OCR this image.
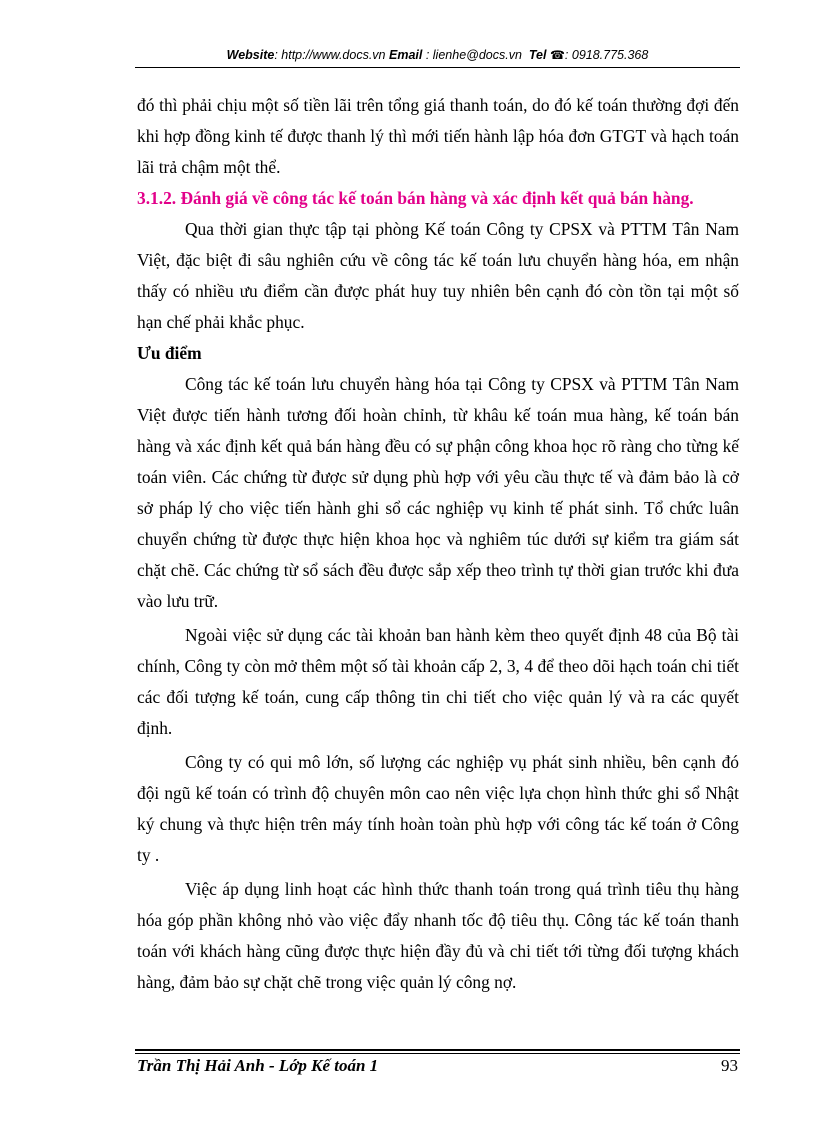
Website: http://www.docs.vn Email : lienhe@docs.vn Tel ☎: 0918.775.368

đó thì phải chịu một số tiền lãi trên tổng giá thanh toán, do đó kế toán thường đợi đến khi hợp đồng kinh tế được thanh lý thì mới tiến hành lập hóa đơn GTGT và hạch toán lãi trả chậm một thể.

3.1.2. Đánh giá về công tác kế toán bán hàng và xác định kết quả bán hàng.

Qua thời gian thực tập tại phòng Kế toán Công ty CPSX và PTTM Tân Nam Việt, đặc biệt đi sâu nghiên cứu về công tác kế toán lưu chuyển hàng hóa, em nhận thấy có nhiều ưu điểm cần được phát huy tuy nhiên bên cạnh đó còn tồn tại một số hạn chế phải khắc phục.

Ưu điểm

Công tác kế toán lưu chuyển hàng hóa tại Công ty CPSX và PTTM Tân Nam Việt được tiến hành tương đối hoàn chỉnh, từ khâu kế toán mua hàng, kế toán bán hàng và xác định kết quả bán hàng đều có sự phận công khoa học rõ ràng cho từng kế toán viên. Các chứng từ được sử dụng phù hợp với yêu cầu thực tế và đảm bảo là cở sở pháp lý cho việc tiến hành ghi sổ các nghiệp vụ kinh tế phát sinh. Tổ chức luân chuyển chứng từ được thực hiện khoa học và nghiêm túc dưới sự kiểm tra giám sát chặt chẽ. Các chứng từ sổ sách đều được sắp xếp theo trình tự thời gian trước khi đưa vào lưu trữ.

Ngoài việc sử dụng các tài khoản ban hành kèm theo quyết định 48 của Bộ tài chính, Công ty còn mở thêm một số tài khoản cấp 2, 3, 4 để theo dõi hạch toán chi tiết các đối tượng kế toán, cung cấp thông tin chi tiết cho việc quản lý và ra các quyết định.

Công ty có qui mô lớn, số lượng các nghiệp vụ phát sinh nhiều, bên cạnh đó đội ngũ kế toán có trình độ chuyên môn cao nên việc lựa chọn hình thức ghi sổ Nhật ký chung và thực hiện trên máy tính hoàn toàn phù hợp với công tác kế toán ở Công ty .

Việc áp dụng linh hoạt các hình thức thanh toán trong quá trình tiêu thụ hàng hóa góp phần không nhỏ vào việc đẩy nhanh tốc độ tiêu thụ. Công tác kế toán thanh toán với khách hàng cũng được thực hiện đầy đủ và chi tiết tới từng đối tượng khách hàng, đảm bảo sự chặt chẽ trong việc quản lý công nợ.

Trần Thị Hải Anh - Lớp Kế toán 1	93
